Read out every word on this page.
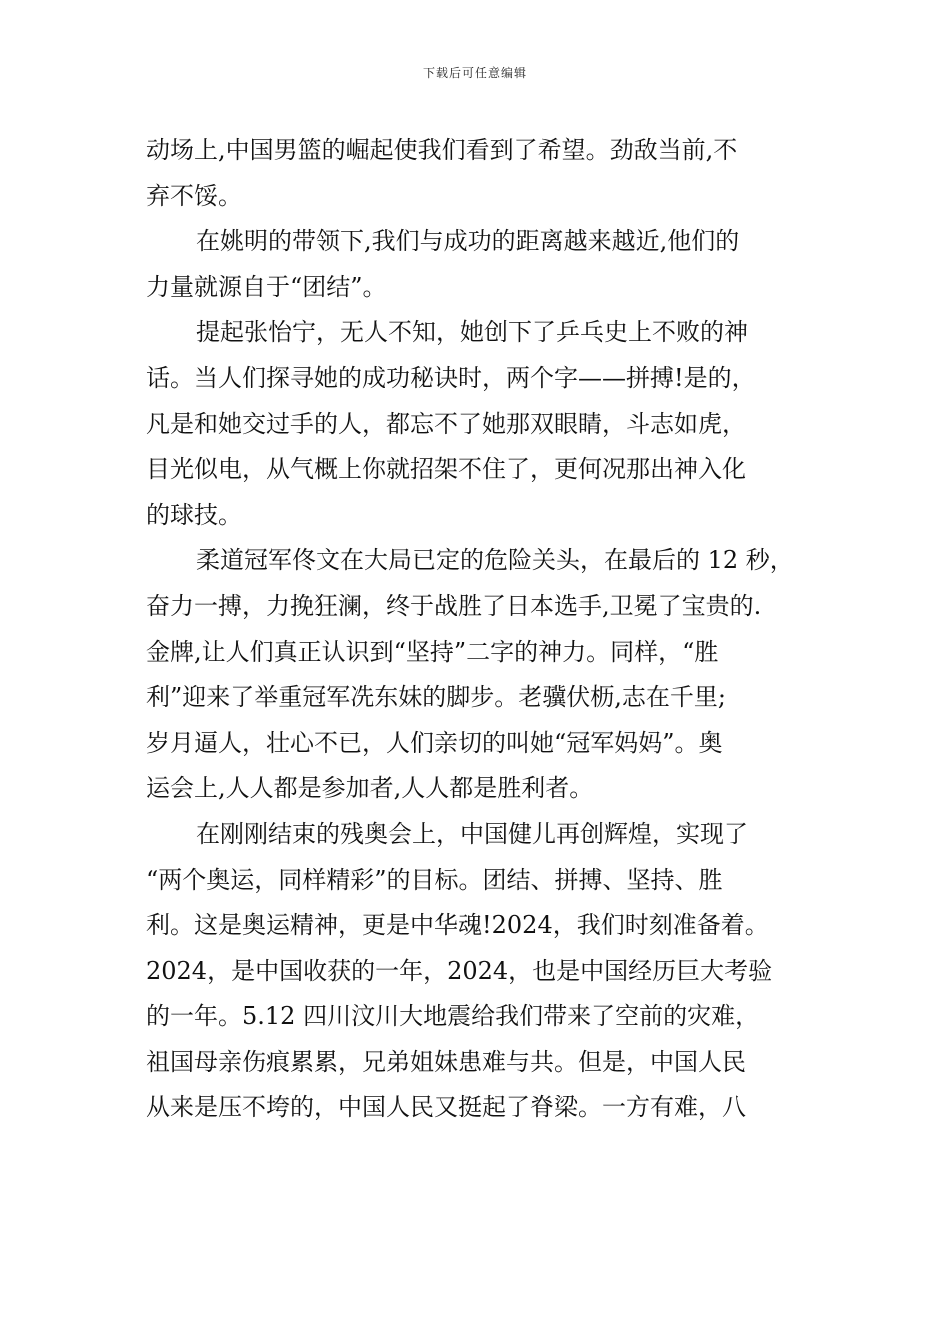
下载后可任意编辑
动场上,中国男篮的崛起使我们看到了希望。劲敌当前,不
弃不馁。
在姚明的带领下,我们与成功的距离越来越近,他们的
力量就源自于“团结”。
提起张怡宁，无人不知，她创下了乒乓史上不败的神
话。当人们探寻她的成功秘诀时，两个字——拼搏!是的，
凡是和她交过手的人，都忘不了她那双眼睛，斗志如虎，
目光似电，从气概上你就招架不住了，更何况那出神入化
的球技。
柔道冠军佟文在大局已定的危险关头，在最后的 12 秒，
奋力一搏，力挽狂澜，终于战胜了日本选手,卫冕了宝贵的.
金牌,让人们真正认识到“坚持”二字的神力。同样，“胜
利”迎来了举重冠军冼东妹的脚步。老骥伏枥,志在千里;
岁月逼人，壮心不已，人们亲切的叫她“冠军妈妈”。奥
运会上,人人都是参加者,人人都是胜利者。
在刚刚结束的残奥会上，中国健儿再创辉煌，实现了
“两个奥运，同样精彩”的目标。团结、拼搏、坚持、胜
利。这是奥运精神，更是中华魂!2024，我们时刻准备着。
2024，是中国收获的一年，2024，也是中国经历巨大考验
的一年。5.12 四川汶川大地震给我们带来了空前的灾难，
祖国母亲伤痕累累，兄弟姐妹患难与共。但是，中国人民
从来是压不垮的，中国人民又挺起了脊梁。一方有难，八
